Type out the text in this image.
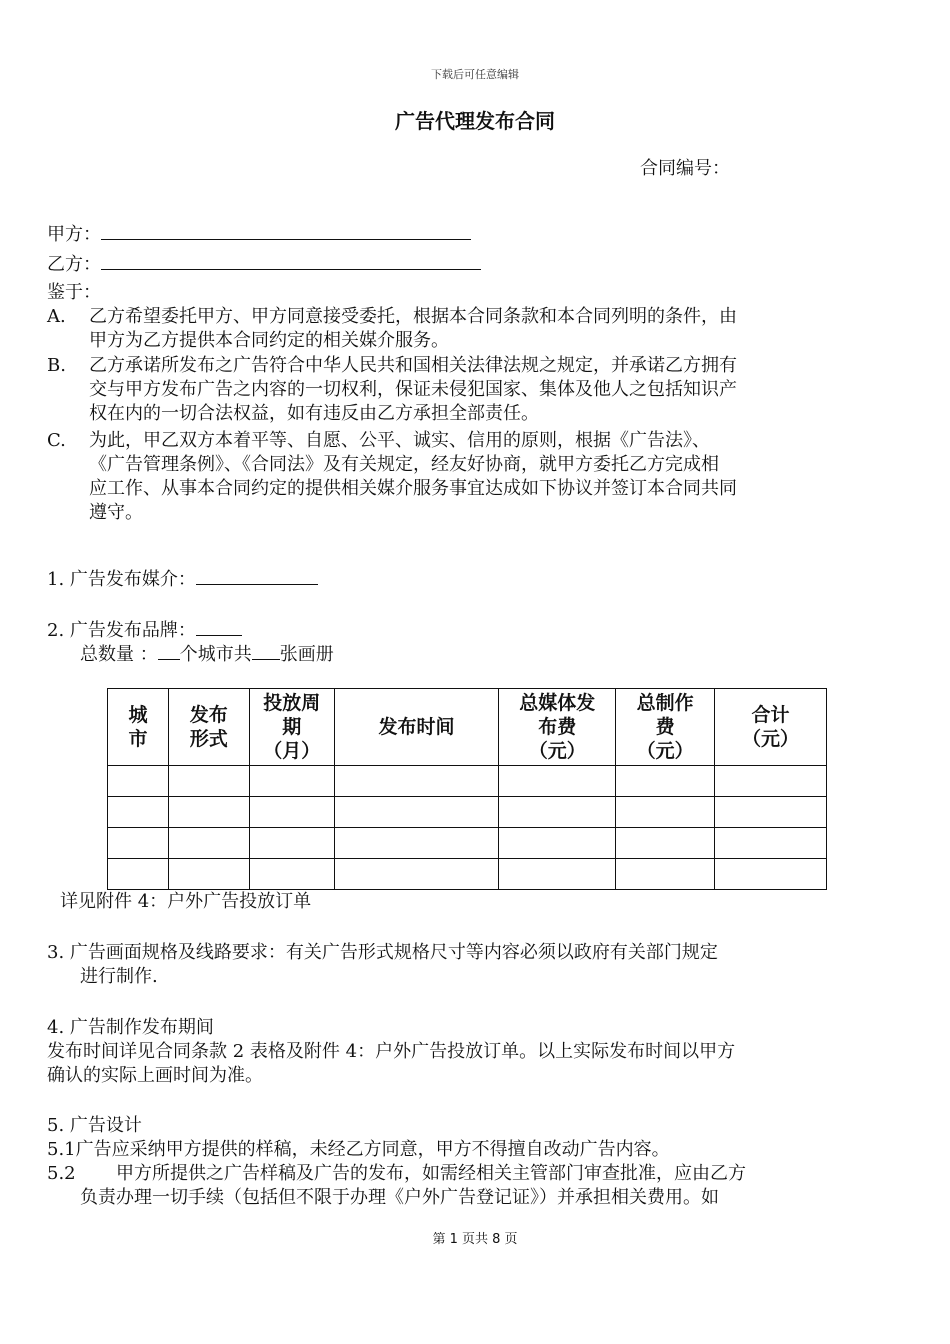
下载后可任意编辑
广告代理发布合同
合同编号：
甲方：
乙方：
鉴于：
A. 乙方希望委托甲方、甲方同意接受委托，根据本合同条款和本合同列明的条件，由
甲方为乙方提供本合同约定的相关媒介服务。
B. 乙方承诺所发布之广告符合中华人民共和国相关法律法规之规定，并承诺乙方拥有
交与甲方发布广告之内容的一切权利，保证未侵犯国家、集体及他人之包括知识产
权在内的一切合法权益，如有违反由乙方承担全部责任。
C. 为此，甲乙双方本着平等、自愿、公平、诚实、信用的原则，根据《广告法》、
《广告管理条例》、《合同法》及有关规定，经友好协商，就甲方委托乙方完成相
应工作、从事本合同约定的提供相关媒介服务事宜达成如下协议并签订本合同共同
遵守。
1. 广告发布媒介：
2. 广告发布品牌：
总数量 ： 个城市共 张画册
城
市	发布
形式	投放周
期
（月）	发布时间	总媒体发
布费
（元）	总制作
费
（元）	合计
（元）

详见附件 4：户外广告投放订单
3. 广告画面规格及线路要求：有关广告形式规格尺寸等内容必须以政府有关部门规定
进行制作.
4. 广告制作发布期间
发布时间详见合同条款 2 表格及附件 4：户外广告投放订单。以上实际发布时间以甲方
确认的实际上画时间为准。
5. 广告设计
5.1广告应采纳甲方提供的样稿，未经乙方同意，甲方不得擅自改动广告内容。
5.2 甲方所提供之广告样稿及广告的发布，如需经相关主管部门审查批准，应由乙方
负责办理一切手续（包括但不限于办理《户外广告登记证》）并承担相关费用。如
第 1 页共 8 页
